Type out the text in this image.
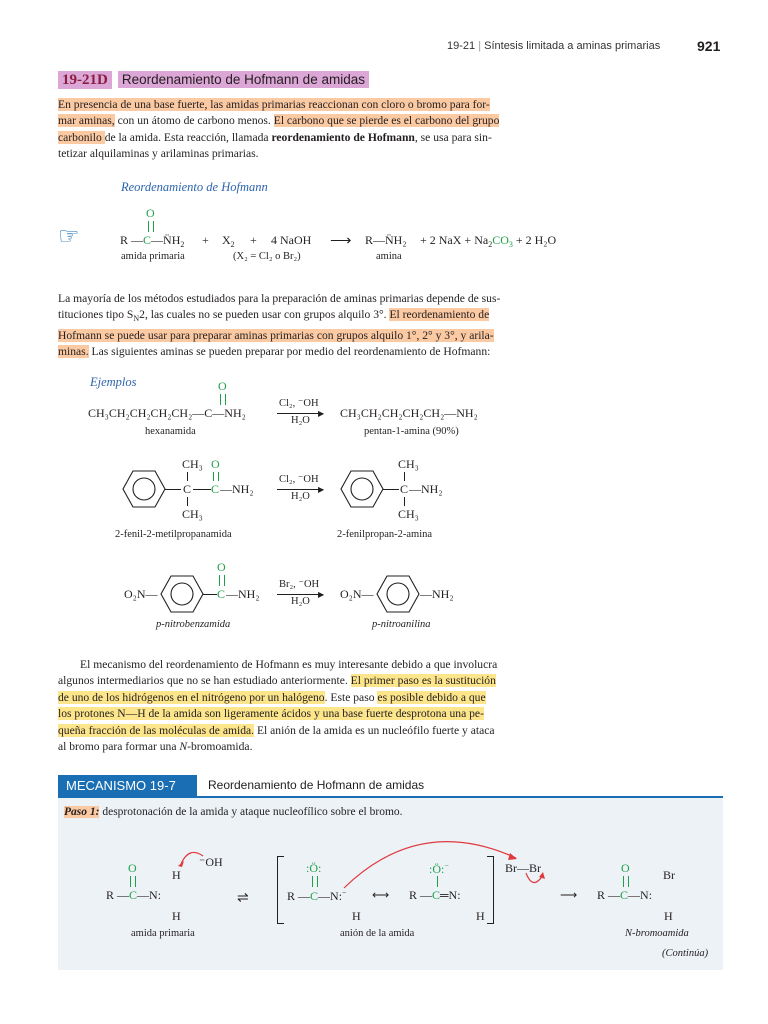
19-21 | Síntesis limitada a aminas primarias	921
19-21D Reordenamiento de Hofmann de amidas
En presencia de una base fuerte, las amidas primarias reaccionan con cloro o bromo para for-
mar aminas, con un átomo de carbono menos. El carbono que se pierde es el carbono del grupo
carbonilo de la amida. Esta reacción, llamada reordenamiento de Hofmann, se usa para sin-
tetizar alquilaminas y arilaminas primarias.
Reordenamiento de Hofmann
☞
O
R $—C—N̈H_2$
amida primaria
+ $X_2$
(X₂ = Cl₂ o Br₂)
+ 4 NaOH ⟶ R—N̈H₂
amina
+ 2 NaX + $Na_2CO_3 + 2$ H₂O
La mayoría de los métodos estudiados para la preparación de aminas primarias depende de sus-
tituciones tipo $S_N2$, las cuales no se pueden usar con grupos alquilo 3°. El reordenamiento de
Hofmann se puede usar para preparar aminas primarias con grupos alquilo 1°, 2° y 3°, y arila-
minas. Las siguientes aminas se pueden preparar por medio del reordenamiento de Hofmann:
Ejemplos	O
CH₃CH₂CH₂CH₂CH₂—C—NH₂
hexanamida
Cl₂, ⁻OH
▶
H₂O
CH₃CH₂CH₂CH₂CH₂—NH₂
pentan-1-amina (90%)
CH₃
C
CH₃
O
C —NH₂
2-fenil-2-metilpropanamida
Cl₂, ⁻OH
▶
H₂O
CH₃
C
CH₃
—NH₂
2-fenilpropan-2-amina
O₂N—
O
C —NH₂
p-nitrobenzamida
Br₂, ⁻OH
▶
H₂O
O₂N—	—NH₂
p-nitroanilina
El mecanismo del reordenamiento de Hofmann es muy interesante debido a que involucra
algunos intermediarios que no se han estudiado anteriormente. El primer paso es la sustitución
de uno de los hidrógenos en el nitrógeno por un halógeno. Este paso es posible debido a que
los protones N—H de la amida son ligeramente ácidos y una base fuerte desprotona una pe-
queña fracción de las moléculas de amida. El anión de la amida es un nucleófilo fuerte y ataca
al bromo para formar una N-bromoamida.
MECANISMO 19-7	Reordenamiento de Hofmann de amidas
Paso 1: desprotonación de la amida y ataque nucleofílico sobre el bromo.
O
R —C—N:
H
H
⁻OH
amida primaria
⇌
:Ö:
R —C—N:−
H
⟷
:Ö:−
R —C═N:
H
anión de la amida
Br—Br
⟶
O
R —C—N:
Br
H
N-bromoamida
(Continúa)
